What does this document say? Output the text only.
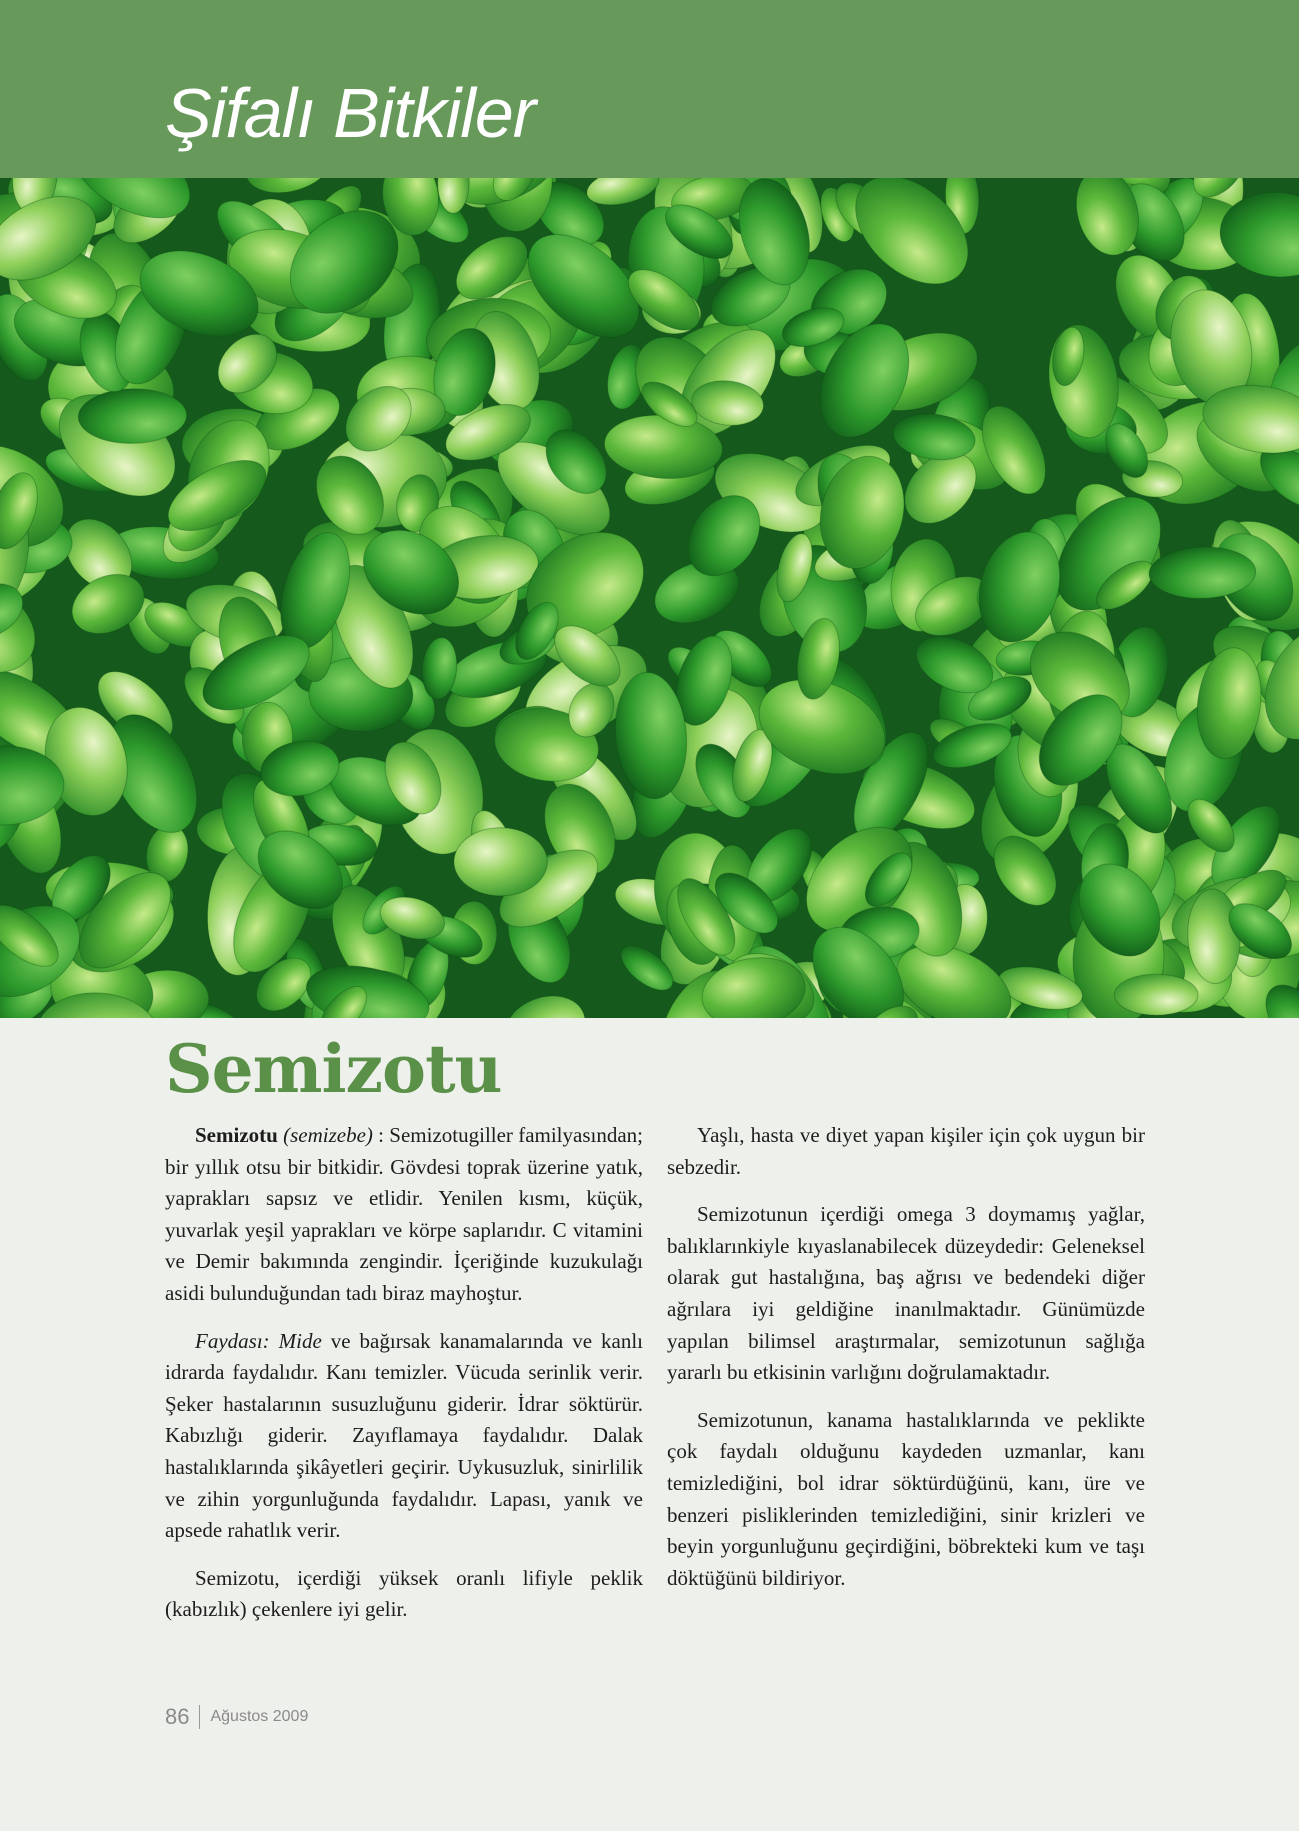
Şifalı Bitkiler
Semizotu

Semizotu (semizebe) : Semizotugiller familyasından; bir yıllık otsu bir bitkidir. Gövdesi toprak üzerine yatık, yaprakları sapsız ve etlidir. Yenilen kısmı, küçük, yuvarlak yeşil yaprakları ve körpe saplarıdır. C vitamini ve Demir bakımında zengindir. İçeriğinde kuzukulağı asidi bulunduğundan tadı biraz mayhoştur.

Faydası: Mide ve bağırsak kanamalarında ve kanlı idrarda faydalıdır. Kanı temizler. Vücuda serinlik verir. Şeker hastalarının susuzluğunu giderir. İdrar söktürür. Kabızlığı giderir. Zayıflamaya faydalıdır. Dalak hastalıklarında şikâyetleri geçirir. Uykusuzluk, sinirlilik ve zihin yorgunluğunda faydalıdır. Lapası, yanık ve apsede rahatlık verir.

Semizotu, içerdiği yüksek oranlı lifiyle peklik (kabızlık) çekenlere iyi gelir.

Yaşlı, hasta ve diyet yapan kişiler için çok uygun bir sebzedir.

Semizotunun içerdiği omega 3 doymamış yağlar, balıklarınkiyle kıyaslanabilecek düzeydedir: Geleneksel olarak gut hastalığına, baş ağrısı ve bedendeki diğer ağrılara iyi geldiğine inanılmaktadır. Günümüzde yapılan bilimsel araştırmalar, semizotunun sağlığa yararlı bu etkisinin varlığını doğrulamaktadır.

Semizotunun, kanama hastalıklarında ve peklikte çok faydalı olduğunu kaydeden uzmanlar, kanı temizlediğini, bol idrar söktürdüğünü, kanı, üre ve benzeri pisliklerinden temizlediğini, sinir krizleri ve beyin yorgunluğunu geçirdiğini, böbrekteki kum ve taşı döktüğünü bildiriyor.

86 Ağustos 2009
